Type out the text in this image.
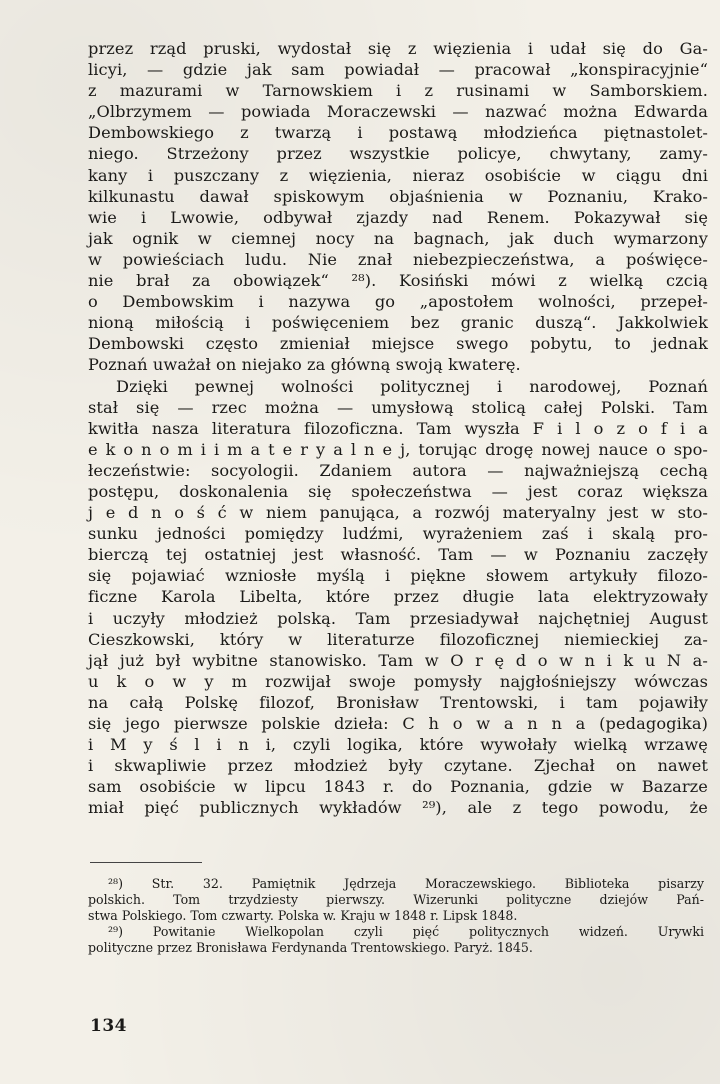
przez rząd pruski, wydostał się z więzienia i udał się do Ga-
licyi, — gdzie jak sam powiadał — pracował „konspiracyjnie“
z mazurami w Tarnowskiem i z rusinami w Samborskiem.
„Olbrzymem — powiada Moraczewski — nazwać można Edwarda
Dembowskiego z twarzą i postawą młodzieńca piętnastolet-
niego. Strzeżony przez wszystkie policye, chwytany, zamy-
kany i puszczany z więzienia, nieraz osobiście w ciągu dni
kilkunastu dawał spiskowym objaśnienia w Poznaniu, Krako-
wie i Lwowie, odbywał zjazdy nad Renem. Pokazywał się
jak ognik w ciemnej nocy na bagnach, jak duch wymarzony
w powieściach ludu. Nie znał niebezpieczeństwa, a poświęce-
nie brał za obowiązek“ ²⁸). Kosiński mówi z wielką czcią
o Dembowskim i nazywa go „apostołem wolności, przepeł-
nioną miłością i poświęceniem bez granic duszą“. Jakkolwiek
Dembowski często zmieniał miejsce swego pobytu, to jednak
Poznań uważał on niejako za główną swoją kwaterę.
Dzięki pewnej wolności politycznej i narodowej, Poznań
stał się — rzec można — umysłową stolicą całej Polski. Tam
kwitła nasza literatura filozoficzna. Tam wyszła F i l o z o f i a
e k o n o m i i m a t e r y a l n e j, torując drogę nowej nauce o spo-
łeczeństwie: socyologii. Zdaniem autora — najważniejszą cechą
postępu, doskonalenia się społeczeństwa — jest coraz większa
j e d n o ś ć w niem panująca, a rozwój materyalny jest w sto-
sunku jedności pomiędzy ludźmi, wyrażeniem zaś i skalą pro-
bierczą tej ostatniej jest własność. Tam — w Poznaniu zaczęły
się pojawiać wzniosłe myślą i piękne słowem artykuły filozo-
ficzne Karola Libelta, które przez długie lata elektryzowały
i uczyły młodzież polską. Tam przesiadywał najchętniej August
Cieszkowski, który w literaturze filozoficznej niemieckiej za-
jął już był wybitne stanowisko. Tam w O r ę d o w n i k u N a-
u k o w y m rozwijał swoje pomysły najgłośniejszy wówczas
na całą Polskę filozof, Bronisław Trentowski, i tam pojawiły
się jego pierwsze polskie dzieła: C h o w a n n a (pedagogika)
i M y ś l i n i, czyli logika, które wywołały wielką wrzawę
i skwapliwie przez młodzież były czytane. Zjechał on nawet
sam osobiście w lipcu 1843 r. do Poznania, gdzie w Bazarze
miał pięć publicznych wykładów ²⁹), ale z tego powodu, że
²⁸) Str. 32. Pamiętnik Jędrzeja Moraczewskiego. Biblioteka pisarzy
polskich. Tom trzydziesty pierwszy. Wizerunki polityczne dziejów Pań-
stwa Polskiego. Tom czwarty. Polska w. Kraju w 1848 r. Lipsk 1848.
²⁹) Powitanie Wielkopolan czyli pięć politycznych widzeń. Urywki
polityczne przez Bronisława Ferdynanda Trentowskiego. Paryż. 1845.
134
